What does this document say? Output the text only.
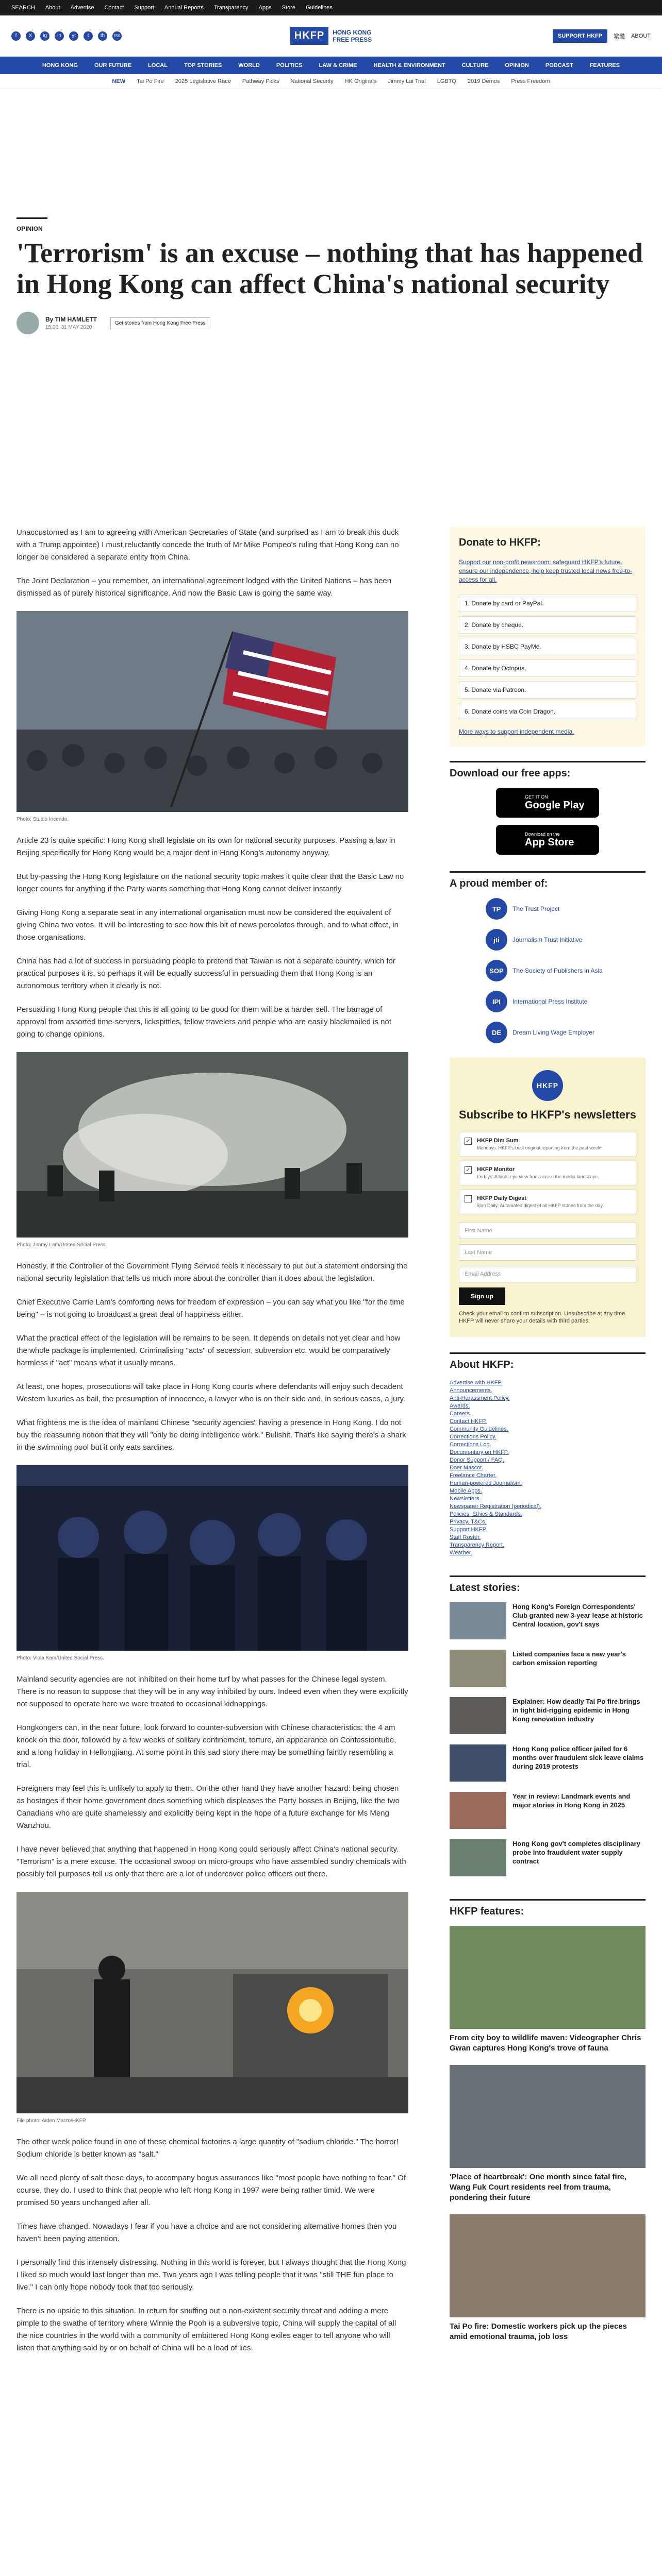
SEARCH About Advertise Contact Support Annual Reports Transparency Apps Store Guidelines
f	X	ig	in	yt	t	th	rss	HKFP	HONG KONG
FREE PRESS	SUPPORT HKFP	繁體 ABOUT
HONG KONG	OUR FUTURE	LOCAL	TOP STORIES	WORLD	POLITICS	LAW & CRIME	HEALTH & ENVIRONMENT	CULTURE	OPINION	PODCAST	FEATURES
NEW Tai Po Fire 2025 Legislative Race Pathway Picks National Security HK Originals Jimmy Lai Trial LGBTQ 2019 Demos Press Freedom
OPINION
'Terrorism' is an excuse – nothing that has happened in Hong Kong can affect China's national security
By TIM HAMLETT
15:00, 31 MAY 2020
Get stories from Hong Kong Free Press

Unaccustomed as I am to agreeing with American Secretaries of State (and surprised as I am to break this duck with a Trump appointee) I must reluctantly concede the truth of Mr Mike Pompeo's ruling that Hong Kong can no longer be considered a separate entity from China.

The Joint Declaration – you remember, an international agreement lodged with the United Nations – has been dismissed as of purely historical significance. And now the Basic Law is going the same way.

Photo: Studio Incendo.

Article 23 is quite specific: Hong Kong shall legislate on its own for national security purposes. Passing a law in Beijing specifically for Hong Kong would be a major dent in Hong Kong's autonomy anyway.

But by-passing the Hong Kong legislature on the national security topic makes it quite clear that the Basic Law no longer counts for anything if the Party wants something that Hong Kong cannot deliver instantly.

Giving Hong Kong a separate seat in any international organisation must now be considered the equivalent of giving China two votes. It will be interesting to see how this bit of news percolates through, and to what effect, in those organisations.

China has had a lot of success in persuading people to pretend that Taiwan is not a separate country, which for practical purposes it is, so perhaps it will be equally successful in persuading them that Hong Kong is an autonomous territory when it clearly is not.

Persuading Hong Kong people that this is all going to be good for them will be a harder sell. The barrage of approval from assorted time-servers, lickspittles, fellow travelers and people who are easily blackmailed is not going to change opinions.

Photo: Jimmy Lam/United Social Press.

Honestly, if the Controller of the Government Flying Service feels it necessary to put out a statement endorsing the national security legislation that tells us much more about the controller than it does about the legislation.

Chief Executive Carrie Lam's comforting news for freedom of expression – you can say what you like "for the time being" – is not going to broadcast a great deal of happiness either.

What the practical effect of the legislation will be remains to be seen. It depends on details not yet clear and how the whole package is implemented. Criminalising "acts" of secession, subversion etc. would be comparatively harmless if "act" means what it usually means.

At least, one hopes, prosecutions will take place in Hong Kong courts where defendants will enjoy such decadent Western luxuries as bail, the presumption of innocence, a lawyer who is on their side and, in serious cases, a jury.

What frightens me is the idea of mainland Chinese "security agencies" having a presence in Hong Kong. I do not buy the reassuring notion that they will "only be doing intelligence work." Bullshit. That's like saying there's a shark in the swimming pool but it only eats sardines.

Photo: Viola Kam/United Social Press.

Mainland security agencies are not inhibited on their home turf by what passes for the Chinese legal system. There is no reason to suppose that they will be in any way inhibited by ours. Indeed even when they were explicitly not supposed to operate here we were treated to occasional kidnappings.

Hongkongers can, in the near future, look forward to counter-subversion with Chinese characteristics: the 4 am knock on the door, followed by a few weeks of solitary confinement, torture, an appearance on Confessiontube, and a long holiday in Hellongjiang. At some point in this sad story there may be something faintly resembling a trial.

Foreigners may feel this is unlikely to apply to them. On the other hand they have another hazard: being chosen as hostages if their home government does something which displeases the Party bosses in Beijing, like the two Canadians who are quite shamelessly and explicitly being kept in the hope of a future exchange for Ms Meng Wanzhou.

I have never believed that anything that happened in Hong Kong could seriously affect China's national security. "Terrorism" is a mere excuse. The occasional swoop on micro-groups who have assembled sundry chemicals with possibly fell purposes tell us only that there are a lot of undercover police officers out there.

File photo: Aiden Marzo/HKFP.

The other week police found in one of these chemical factories a large quantity of "sodium chloride." The horror! Sodium chloride is better known as "salt."

We all need plenty of salt these days, to accompany bogus assurances like "most people have nothing to fear." Of course, they do. I used to think that people who left Hong Kong in 1997 were being rather timid. We were promised 50 years unchanged after all.

Times have changed. Nowadays I fear if you have a choice and are not considering alternative homes then you haven't been paying attention.

I personally find this intensely distressing. Nothing in this world is forever, but I always thought that the Hong Kong I liked so much would last longer than me. Two years ago I was telling people that it was "still THE fun place to live." I can only hope nobody took that too seriously.

There is no upside to this situation. In return for snuffing out a non-existent security threat and adding a mere pimple to the swathe of territory where Winnie the Pooh is a subversive topic, China will supply the capital of all the nice countries in the world with a community of embittered Hong Kong exiles eager to tell anyone who will listen that anything said by or on behalf of China will be a load of lies.

Donate to HKFP:
Support our non-profit newsroom: safeguard HKFP's future, ensure our independence, help keep trusted local news free-to-access for all.
1. Donate by card or PayPal.
2. Donate by cheque.
3. Donate by HSBC PayMe.
4. Donate by Octopus.
5. Donate via Patreon.
6. Donate coins via Coin Dragon.
More ways to support independent media.
Download our free apps:
GET IT ON
Google Play
Download on the
App Store
A proud member of:
TP	The Trust Project
jti	Journalism Trust Initiative
SOP	The Society of Publishers in Asia
IPI	International Press Institute
DE	Dream Living Wage Employer
HKFP
Subscribe to HKFP's newsletters
✓ HKFP Dim Sum
Mondays: HKFP's best original reporting from the past week.
✓ HKFP Monitor
Fridays: A birds-eye view from across the media landscape.
HKFP Daily Digest
5pm Daily: Automated digest of all HKFP stories from the day.
First Name
Last Name
Email Address
Sign up
Check your email to confirm subscription. Unsubscribe at any time. HKFP will never share your details with third parties.
About HKFP:
Advertise with HKFP.
Announcements.
Anti-Harassment Policy.
Awards.
Careers.
Contact HKFP.
Community Guidelines.
Corrections Policy.
Corrections Log.
Documentary on HKFP.
Donor Support / FAQ.
Doer Mascot.
Freelance Charter.
Human-powered Journalism.
Mobile Apps.
Newsletters.
Newspaper Registration (periodical).
Policies, Ethics & Standards.
Privacy, T&Cs.
Support HKFP.
Staff Roster.
Transparency Report.
Weather.
Latest stories:
Hong Kong's Foreign Correspondents' Club granted new 3-year lease at historic Central location, gov't says
Listed companies face a new year's carbon emission reporting
Explainer: How deadly Tai Po fire brings in tight bid-rigging epidemic in Hong Kong renovation industry
Hong Kong police officer jailed for 6 months over fraudulent sick leave claims during 2019 protests
Year in review: Landmark events and major stories in Hong Kong in 2025
Hong Kong gov't completes disciplinary probe into fraudulent water supply contract
HKFP features:
From city boy to wildlife maven: Videographer Chris Gwan captures Hong Kong's trove of fauna
'Place of heartbreak': One month since fatal fire, Wang Fuk Court residents reel from trauma, pondering their future
Tai Po fire: Domestic workers pick up the pieces amid emotional trauma, job loss
